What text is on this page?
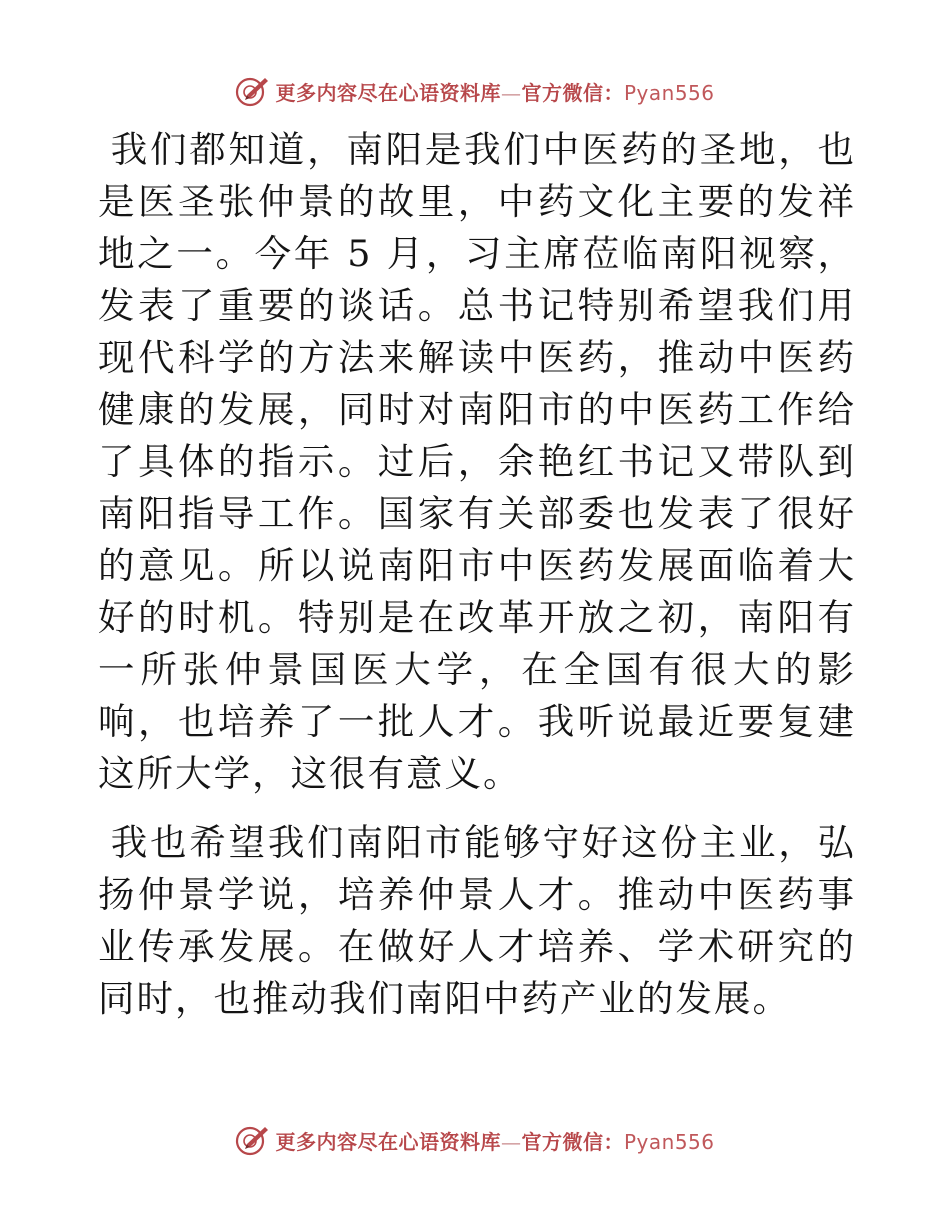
更多内容尽在心语资料库—官方微信：Pyan556

我们都知道，南阳是我们中医药的圣地，也是医圣张仲景的故里，中药文化主要的发祥地之一。今年 5 月，习主席莅临南阳视察，发表了重要的谈话。总书记特别希望我们用现代科学的方法来解读中医药，推动中医药健康的发展，同时对南阳市的中医药工作给了具体的指示。过后，余艳红书记又带队到南阳指导工作。国家有关部委也发表了很好的意见。所以说南阳市中医药发展面临着大好的时机。特别是在改革开放之初，南阳有一所张仲景国医大学，在全国有很大的影响，也培养了一批人才。我听说最近要复建这所大学，这很有意义。

我也希望我们南阳市能够守好这份主业，弘扬仲景学说，培养仲景人才。推动中医药事业传承发展。在做好人才培养、学术研究的同时，也推动我们南阳中药产业的发展。

更多内容尽在心语资料库—官方微信：Pyan556
